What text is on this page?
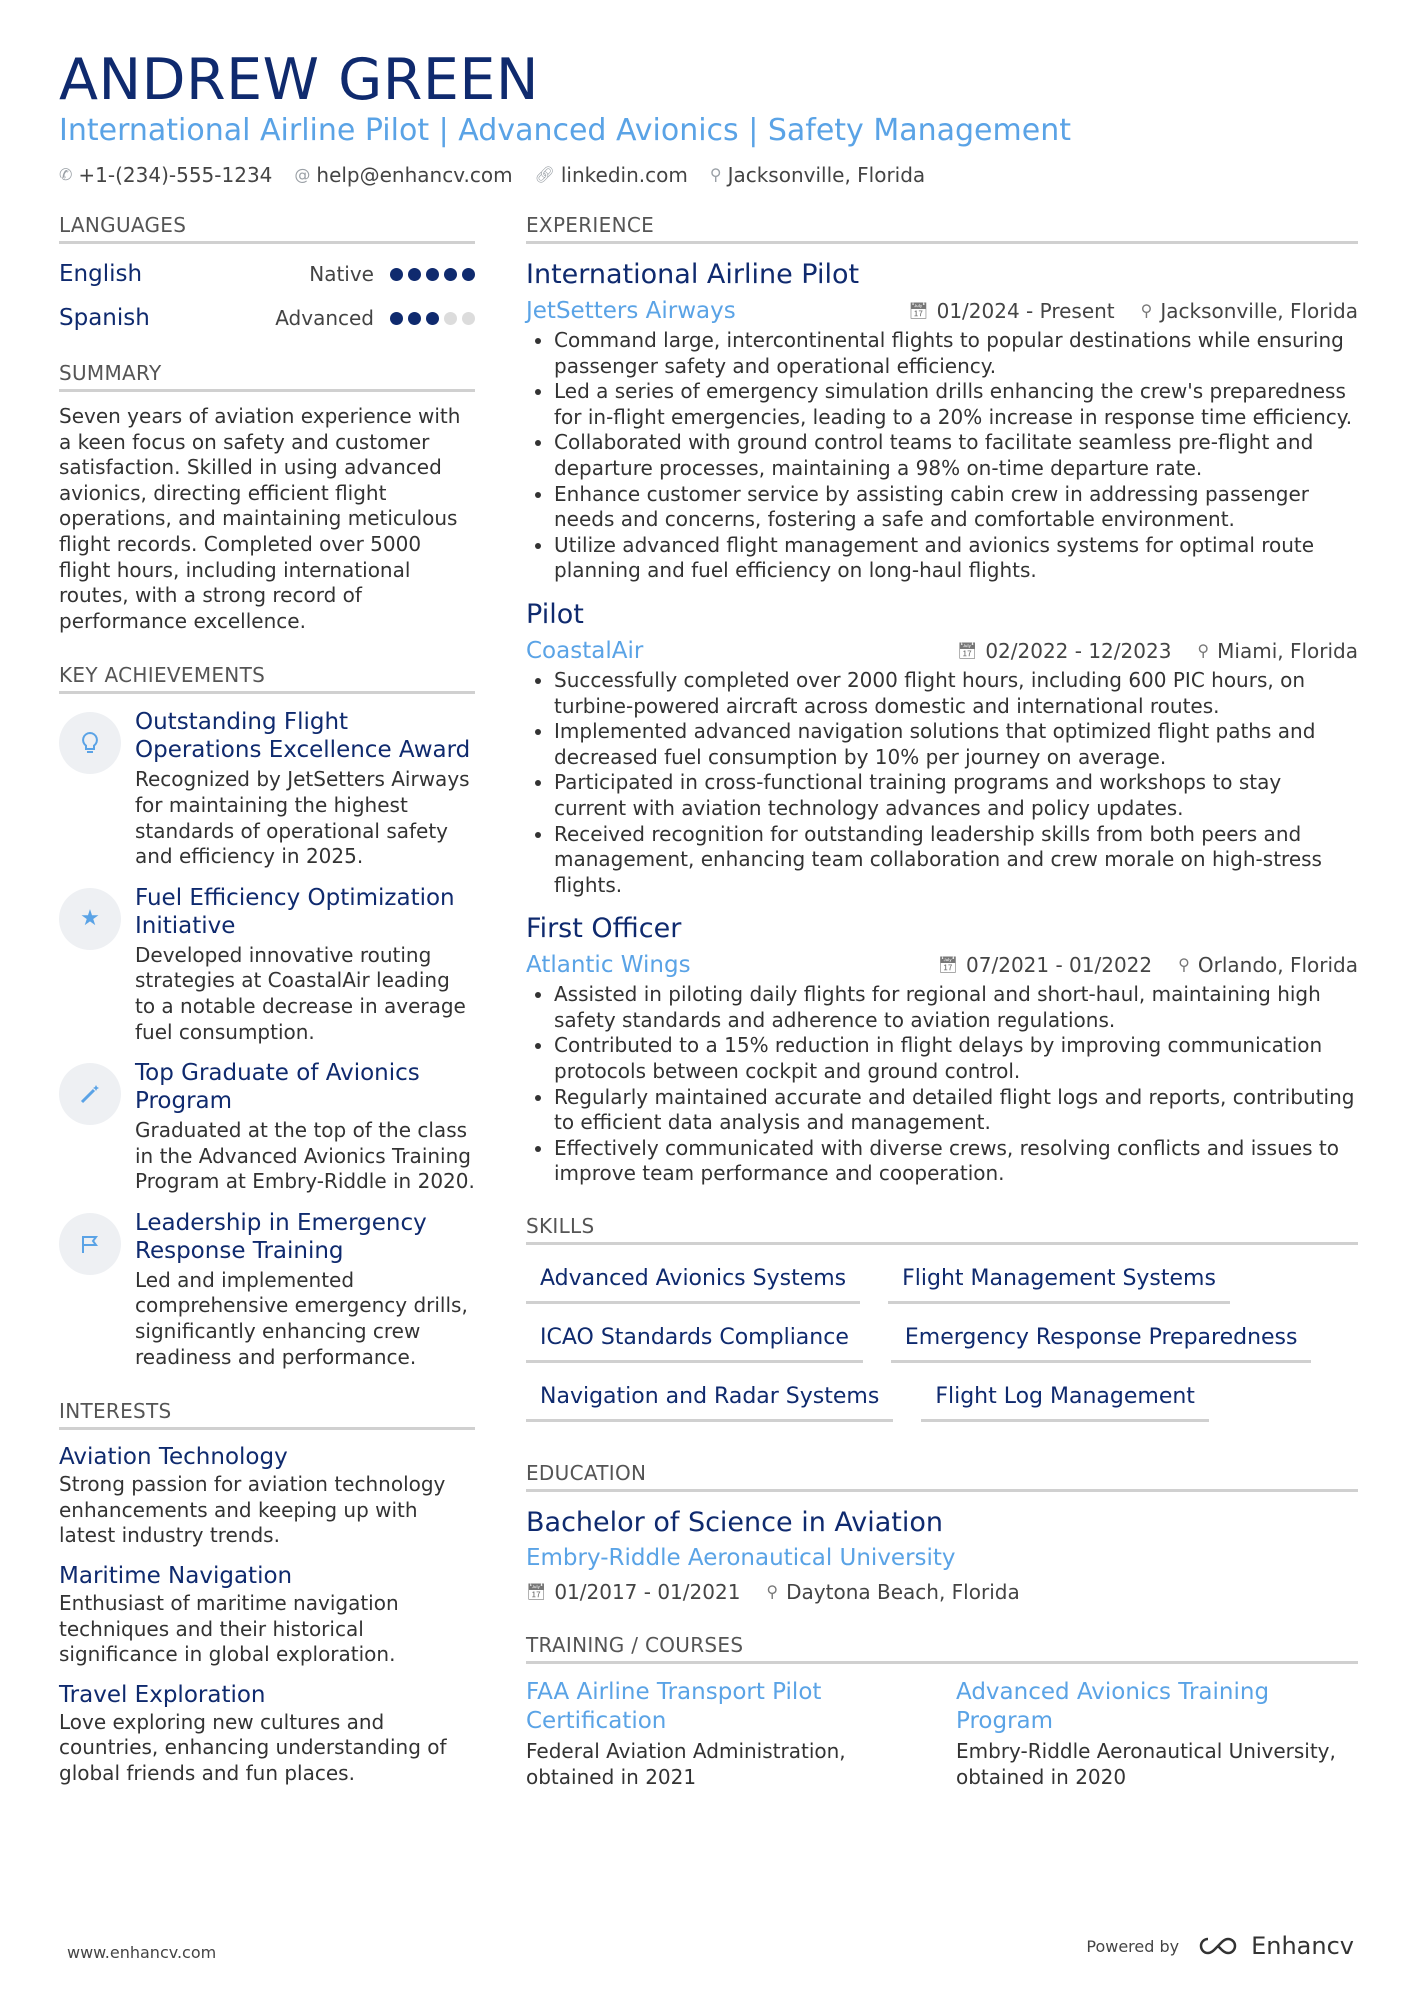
ANDREW GREEN
International Airline Pilot | Advanced Avionics | Safety Management
✆ +1-(234)-555-1234 @ help@enhancv.com 🔗︎ linkedin.com ⚲ Jacksonville, Florida
LANGUAGES
English	Native
Spanish	Advanced
SUMMARY
Seven years of aviation experience with a keen focus on safety and customer satisfaction. Skilled in using advanced avionics, directing efficient flight operations, and maintaining meticulous flight records. Completed over 5000 flight hours, including international routes, with a strong record of performance excellence.
KEY ACHIEVEMENTS
Outstanding Flight Operations Excellence Award
Recognized by JetSetters Airways for maintaining the highest standards of operational safety and efficiency in 2025.
★
Fuel Efficiency Optimization Initiative
Developed innovative routing strategies at CoastalAir leading to a notable decrease in average fuel consumption.
Top Graduate of Avionics Program
Graduated at the top of the class in the Advanced Avionics Training Program at Embry-Riddle in 2020.
Leadership in Emergency Response Training
Led and implemented comprehensive emergency drills, significantly enhancing crew readiness and performance.
INTERESTS
Aviation Technology
Strong passion for aviation technology enhancements and keeping up with latest industry trends.
Maritime Navigation
Enthusiast of maritime navigation techniques and their historical significance in global exploration.
Travel Exploration
Love exploring new cultures and countries, enhancing understanding of global friends and fun places.
EXPERIENCE
International Airline Pilot
JetSetters Airways	📅︎ 01/2024 - Present ⚲ Jacksonville, Florida
• Command large, intercontinental flights to popular destinations while ensuring passenger safety and operational efficiency.
• Led a series of emergency simulation drills enhancing the crew's preparedness for in-flight emergencies, leading to a 20% increase in response time efficiency.
• Collaborated with ground control teams to facilitate seamless pre-flight and departure processes, maintaining a 98% on-time departure rate.
• Enhance customer service by assisting cabin crew in addressing passenger needs and concerns, fostering a safe and comfortable environment.
• Utilize advanced flight management and avionics systems for optimal route planning and fuel efficiency on long-haul flights.
Pilot
CoastalAir	📅︎ 02/2022 - 12/2023 ⚲ Miami, Florida
• Successfully completed over 2000 flight hours, including 600 PIC hours, on turbine-powered aircraft across domestic and international routes.
• Implemented advanced navigation solutions that optimized flight paths and decreased fuel consumption by 10% per journey on average.
• Participated in cross-functional training programs and workshops to stay current with aviation technology advances and policy updates.
• Received recognition for outstanding leadership skills from both peers and management, enhancing team collaboration and crew morale on high-stress flights.
First Officer
Atlantic Wings	📅︎ 07/2021 - 01/2022 ⚲ Orlando, Florida
• Assisted in piloting daily flights for regional and short-haul, maintaining high safety standards and adherence to aviation regulations.
• Contributed to a 15% reduction in flight delays by improving communication protocols between cockpit and ground control.
• Regularly maintained accurate and detailed flight logs and reports, contributing to efficient data analysis and management.
• Effectively communicated with diverse crews, resolving conflicts and issues to improve team performance and cooperation.
SKILLS
Advanced Avionics Systems	Flight Management Systems
ICAO Standards Compliance	Emergency Response Preparedness
Navigation and Radar Systems	Flight Log Management
EDUCATION
Bachelor of Science in Aviation
Embry-Riddle Aeronautical University
📅︎ 01/2017 - 01/2021 ⚲ Daytona Beach, Florida
TRAINING / COURSES
FAA Airline Transport Pilot Certification
Federal Aviation Administration, obtained in 2021
Advanced Avionics Training Program
Embry-Riddle Aeronautical University, obtained in 2020
www.enhancv.com	Powered by	Enhancv
